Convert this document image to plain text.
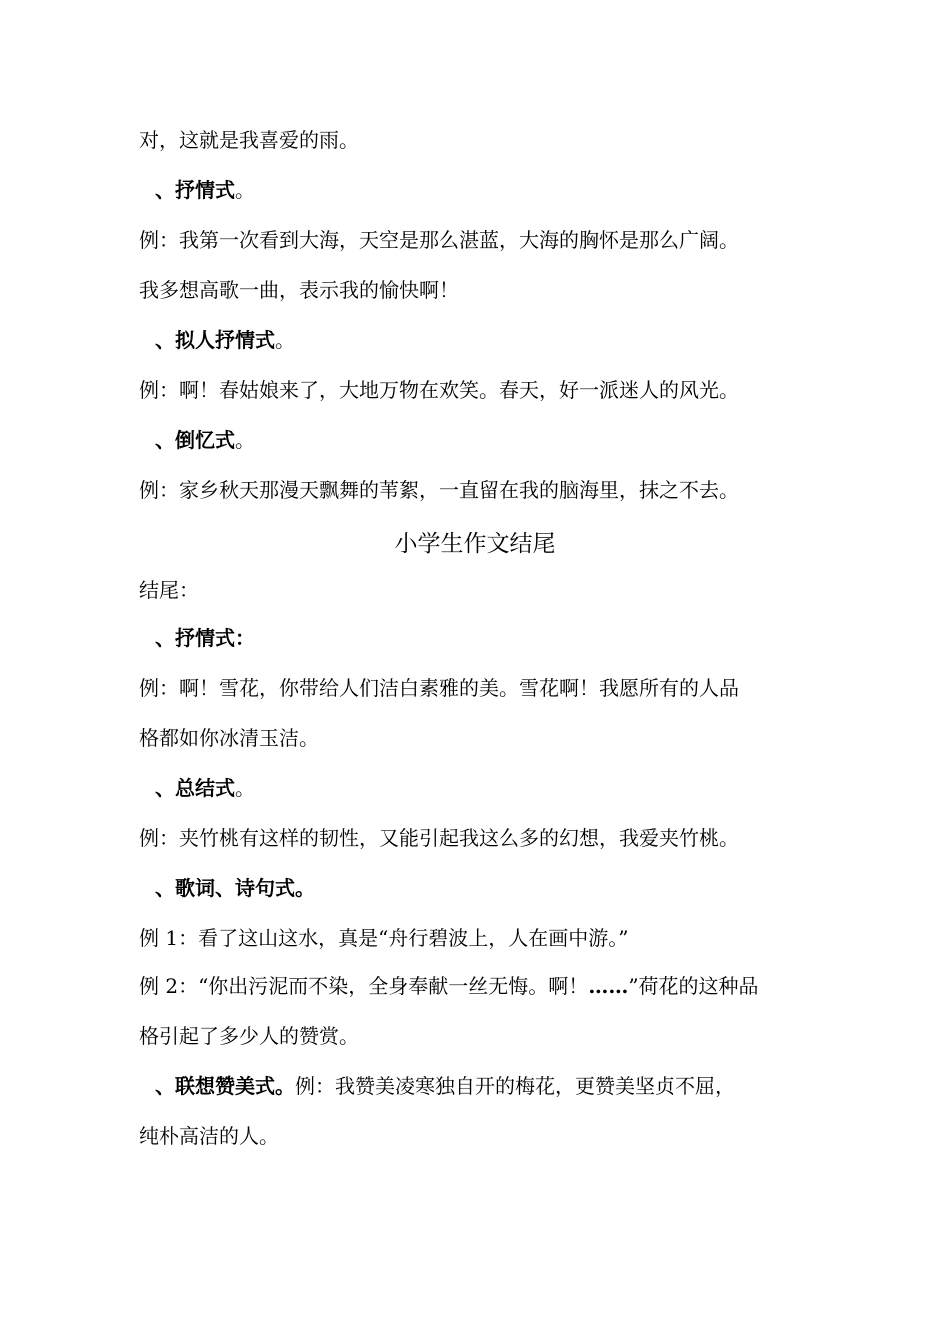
对，这就是我喜爱的雨。
、抒情式。
例：我第一次看到大海，天空是那么湛蓝，大海的胸怀是那么广阔。
我多想高歌一曲，表示我的愉快啊！
、拟人抒情式。
例：啊！春姑娘来了，大地万物在欢笑。春天，好一派迷人的风光。
、倒忆式。
例：家乡秋天那漫天飘舞的苇絮，一直留在我的脑海里，抹之不去。
小学生作文结尾
结尾：
、抒情式：
例：啊！雪花，你带给人们洁白素雅的美。雪花啊！我愿所有的人品
格都如你冰清玉洁。
、总结式。
例：夹竹桃有这样的韧性，又能引起我这么多的幻想，我爱夹竹桃。
、歌词、诗句式。
例 1：看了这山这水，真是“舟行碧波上，人在画中游。”
例 2：“你出污泥而不染，全身奉献一丝无悔。啊！……”荷花的这种品
格引起了多少人的赞赏。
、联想赞美式。例：我赞美凌寒独自开的梅花，更赞美坚贞不屈，
纯朴高洁的人。
